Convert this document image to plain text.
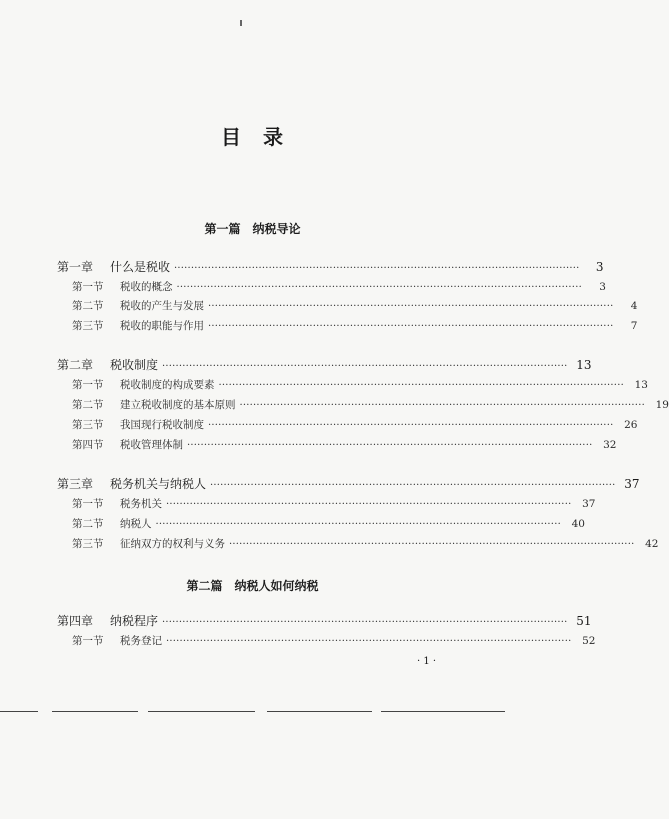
目　录
第一篇　纳税导论
第一章	什么是税收 ························································································································	3
第一节	税收的概念 ························································································································	3
第二节	税收的产生与发展 ························································································································	4
第三节	税收的职能与作用 ························································································································	7
第二章	税收制度 ························································································································ 13
第一节	税收制度的构成要素 ························································································································	13
第二节	建立税收制度的基本原则 ························································································································	19
第三节	我国现行税收制度 ························································································································	26
第四节	税收管理体制 ························································································································	32
第三章	税务机关与纳税人 ························································································································ 37
第一节	税务机关 ························································································································	37
第二节	纳税人 ························································································································	40
第三节	征纳双方的权利与义务 ························································································································	42
第二篇　纳税人如何纳税
第四章	纳税程序 ························································································································ 51
第一节	税务登记 ························································································································	52
· 1 ·
